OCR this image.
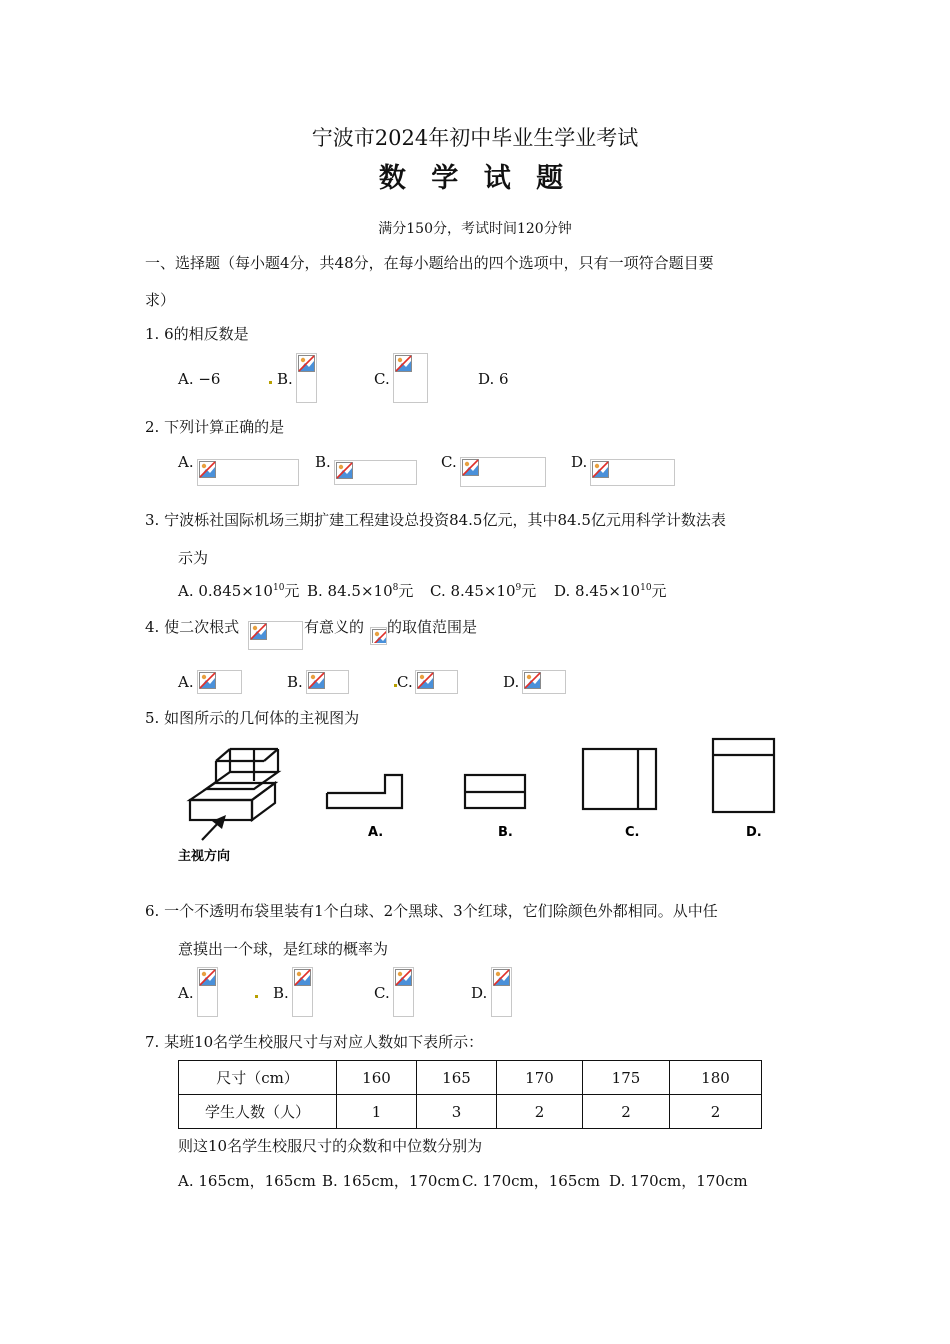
宁波市2024年初中毕业生学业考试
数 学 试 题
满分150分，考试时间120分钟
一、选择题（每小题4分，共48分，在每小题给出的四个选项中，只有一项符合题目要
求）
1. 6的相反数是
A. −6	B.	C.	D. 6
2. 下列计算正确的是
A.	B.	C.	D.
3. 宁波栎社国际机场三期扩建工程建设总投资84.5亿元，其中84.5亿元用科学计数法表
示为
A. $0.845\times 10^{10}$元 B. $84.5\times 10^8$元 C. $8.45\times 10^9$元 D. $8.45\times 10^{10}$元
4. 使二次根式	有意义的 的取值范围是
A.	B.	C.	D.
5. 如图所示的几何体的主视图为
主视方向
A.	B.	C.	D.
6. 一个不透明布袋里装有1个白球、2个黑球、3个红球，它们除颜色外都相同。从中任
意摸出一个球，是红球的概率为
A.	B.	C.	D.
7. 某班10名学生校服尺寸与对应人数如下表所示：
尺寸（cm）	160	165	170	175	180
学生人数（人）	1	3	2	2	2
则这10名学生校服尺寸的众数和中位数分别为
A. 165cm，165cm B. 165cm，170cm C. 170cm，165cm D. 170cm，170cm
